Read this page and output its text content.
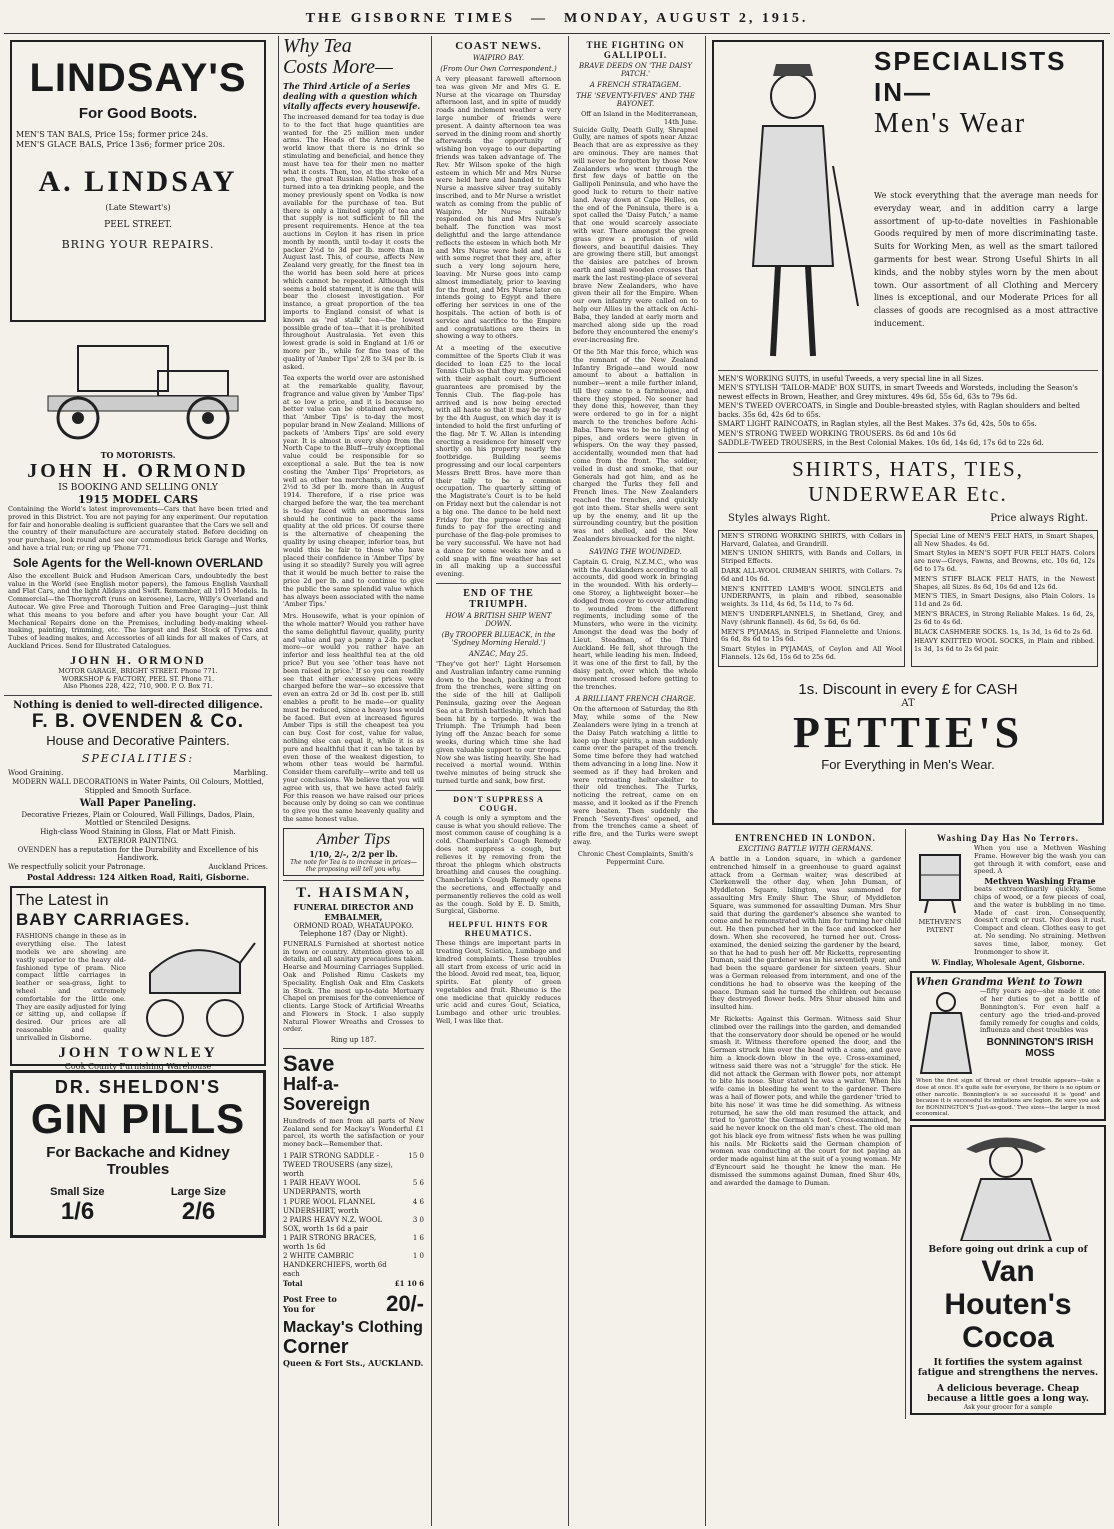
THE GISBORNE TIMES — MONDAY, AUGUST 2, 1915.
LINDSAY'S
For Good Boots.
MEN'S TAN BALS, Price 15s; former price 24s.
MEN'S GLACE BALS, Price 13s6; former price 20s.
A. LINDSAY
(Late Stewart's)
PEEL STREET.
BRING YOUR REPAIRS.
TO MOTORISTS.
JOHN H. ORMOND
IS BOOKING AND SELLING ONLY
1915 MODEL CARS
Containing the World's latest improvements—Cars that have been tried and proved in this District. You are not paying for any experiment. Our reputation for fair and honorable dealing is sufficient guarantee that the Cars we sell and the country of their manufacture are accurately stated. Before deciding on your purchase, look round and see our commodious brick Garage and Works, and have a trial run; or ring up 'Phone 771.
Sole Agents for the Well-known OVERLAND
Also the excellent Buick and Hudson American Cars, undoubtedly the best value in the World (see English motor papers), the famous English Vauxhall and Flat Cars, and the light Alldays and Swift. Remember, all 1915 Models. In Commercial—the Thornycroft (runs on kerosene), Lacre, Willy's Overland and Autocar. We give Free and Thorough Tuition and Free Garaging—just think what this means to you before and after you have bought your Car. All Mechanical Repairs done on the Premises, including body-making wheel-making, painting, trimming, etc. The largest and Best Stock of Tyres and Tubes of leading makes, and Accessories of all kinds for all makes of Cars, at Auckland Prices. Send for Illustrated Catalogues.
JOHN H. ORMOND
MOTOR GARAGE, BRIGHT STREET. Phone 771.
WORKSHOP & FACTORY, PEEL ST. Phone 71.
Also Phones 228, 422, 710, 900. P. O. Box 71.
Nothing is denied to well-directed diligence.
F. B. OVENDEN & Co.
House and Decorative Painters.
SPECIALITIES:
Wood Graining.	Marbling.
MODERN WALL DECORATIONS in Water Paints, Oil Colours, Mottled, Stippled and Smooth Surface.
Wall Paper Paneling.
Decorative Friezes, Plain or Coloured, Wall Fillings, Dados, Plain, Mottled or Stenciled Designs.
High-class Wood Staining in Gloss, Flat or Matt Finish.
EXTERIOR PAINTING.
OVENDEN has a reputation for the Durability and Excellence of his Handiwork.
We respectfully solicit your Patronage.	Auckland Prices.
Postal Address: 124 Aitken Road, Raiti, Gisborne.
The Latest in
BABY CARRIAGES.
FASHIONS change in these as in everything else. The latest models we are showing are vastly superior to the heavy old-fashioned type of pram. Nice compact little carriages in leather or sea-grass, light to wheel and extremely comfortable for the little one. They are easily adjusted for lying or sitting up, and collapse if desired. Our prices are all reasonable and quality unrivalled in Gisborne.
JOHN TOWNLEY
Cook County Furnishing Warehouse
DR. SHELDON'S
GIN PILLS
For Backache and Kidney Troubles
Small Size	Large Size
1/6	2/6
Why Tea
Costs More—
The Third Article of a Series dealing with a question which vitally affects every housewife.
The increased demand for tea today is due to to the fact that huge quantities are wanted for the 25 million men under arms. The Heads of the Armies of the world know that there is no drink so stimulating and beneficial, and hence they must have tea for their men no matter what it costs. Then, too, at the stroke of a pen, the great Russian Nation has been turned into a tea drinking people, and the money previously spent on Vodka is now available for the purchase of tea. But there is only a limited supply of tea and that supply is not sufficient to fill the present requirements. Hence at the tea auctions in Ceylon it has risen in price month by month, until to-day it costs the packer 2½d to 3d per lb. more than in August last. This, of course, affects New Zealand very greatly, for the finest tea in the world has been sold here at prices which cannot be repeated. Although this seems a bold statement, it is one that will bear the closest investigation. For instance, a great proportion of the tea imports to England consist of what is known as 'red stalk' tea—the lowest possible grade of tea—that it is prohibited throughout Australasia. Yet even this lowest grade is sold in England at 1/6 or more per lb., while for fine teas of the quality of 'Amber Tips' 2/8 to 3/4 per lb. is asked.
Tea experts the world over are astonished at the remarkable quality, flavour, fragrance and value given by 'Amber Tips' at so low a price, and it is because no better value can be obtained anywhere, that 'Amber Tips' is to-day the most popular brand in New Zealand. Millions of packets of 'Ambers Tips' are sold every year. It is almost in every shop from the North Cape to the Bluff—truly exceptional value could be responsible for so exceptional a sale. But the tea is now costing the 'Amber Tips' Proprietors, as well as other tea merchants, an extra of 2½d to 3d per lb. more than in August 1914. Therefore, if a rise price was charged before the war, the tea merchant is to-day faced with an enormous loss should he continue to pack the same quality at the old prices. Of course there is the alternative of cheapening the quality by using cheaper, inferior teas, but would this be fair to those who have placed their confidence in 'Amber Tips' by using it so steadily? Surely you will agree that it would be much better to raise the price 2d per lb. and to continue to give the public the same splendid value which has always been associated with the name 'Amber Tips.'
Mrs. Housewife, what is your opinion of the whole matter? Would you rather have the same delightful flavour, quality, purity and value and pay a penny a 2-lb. packet more—or would you rather have an inferior and less healthful tea at the old price? But you see 'other teas have not been raised in price.' If so you can readily see that either excessive prices were charged before the war—so excessive that even an extra 2d or 3d lb. cost per lb. still enables a profit to be made—or quality must be reduced, since a heavy loss would be faced. But even at increased figures Amber Tips is still the cheapest tea you can buy. Cost for cost, value for value, nothing else can equal it, while it is as pure and healthful that it can be taken by even those of the weakest digestion, to whom other teas would be harmful. Consider them carefully—write and tell us your conclusions. We believe that you will agree with us, that we have acted fairly. For this reason we have raised our prices because only by doing so can we continue to give you the same heavenly quality and the same honest value.
Amber Tips
1/10, 2/-, 2/2 per lb.
The note for Tea is to increase in prices—the proposing will tell you why.
T. HAISMAN,
FUNERAL DIRECTOR AND
EMBALMER,
ORMOND ROAD, WHATAUPOKO.
Telephone 187 (Day or Night).
FUNERALS Furnished at shortest notice in town or country. Attention given to all details, and all sanitary precautions taken. Hearse and Mourning Carriages Supplied. Oak and Polished Rimu Caskets my Speciality. English Oak and Elm Caskets in Stock. The most up-to-date Mortuary Chapel on premises for the convenience of clients. Large Stock of Artificial Wreaths and Flowers in Stock. I also supply Natural Flower Wreaths and Crosses to order.
Ring up 187.
Save
Half-a-Sovereign
Hundreds of men from all parts of New Zealand send for Mackay's Wonderful £1 parcel, its worth the satisfaction or your money back—Remember that.
1 PAIR STRONG SADDLE - TWEED TROUSERS (any size), worth
15 0
1 PAIR HEAVY WOOL UNDERPANTS, worth
5 6
1 PURE WOOL FLANNEL UNDERSHIRT, worth
4 6
2 PAIRS HEAVY N.Z. WOOL SOX, worth 1s 6d a pair
3 0
1 PAIR STRONG BRACES, worth 1s 6d
1 6
2 WHITE CAMBRIC HANDKERCHIEFS, worth 6d each
1 0
Total	£1 10 6
Post Free to You for	20/-
Mackay's Clothing
Corner
Queen & Fort Sts., AUCKLAND.
COAST NEWS.
WAIPIRO BAY.
(From Our Own Correspondent.)
A very pleasant farewell afternoon tea was given Mr and Mrs G. E. Nurse at the vicarage on Thursday afternoon last, and in spite of muddy roads and inclement weather a very large number of friends were present. A dainty afternoon tea was served in the dining room and shortly afterwards the opportunity of wishing bon voyage to our departing friends was taken advantage of. The Rev. Mr Wilson spoke of the high esteem in which Mr and Mrs Nurse were held here and handed to Mrs Nurse a massive silver tray suitably inscribed, and to Mr Nurse a wristlet watch as coming from the public of Waipiro. Mr Nurse suitably responded on his and Mrs Nurse's behalf. The function was most delightful and the large attendance reflects the esteem in which both Mr and Mrs Nurse were held and it is with some regret that they are, after such a very long sojourn here, leaving. Mr Nurse goes into camp almost immediately, prior to leaving for the front, and Mrs Nurse later on intends going to Egypt and there offering her services in one of the hospitals. The action of both is of service and sacrifice to the Empire and congratulations are theirs in showing a way to others.
At a meeting of the executive committee of the Sports Club it was decided to loan £25 to the local Tennis Club so that they may proceed with their asphalt court. Sufficient guarantees are promised by the Tennis Club. The flag-pole has arrived and is now being erected with all haste so that it may be ready by the 4th August, on which day it is intended to hold the first unfurling of the flag. Mr T. W. Allan is intending erecting a residence for himself very shortly on his property nearly the footbridge. Building seems progressing and our local carpenters Messrs Brett Bros. have more than their tally to be a common occupation. The quarterly sitting of the Magistrate's Court is to be held on Friday next but the calendar is not a big one. The dance to be held next Friday for the purpose of raising funds to pay for the erecting and purchase of the flag-pole promises to be very successful. We have not had a dance for some weeks now and a cold snap with fine weather has set in all making up a successful evening.
END OF THE TRIUMPH.
HOW A BRITISH SHIP WENT DOWN.
(By TROOPER BLUEACK, in the 'Sydney Morning Herald.')
ANZAC, May 25.
'They've got her!' Light Horsemen and Australian infantry came running down to the beach, packing a front from the trenches, were sitting on the side of the hill at Gallipoli Peninsula, gazing over the Aegean Sea at a British battleship, which had been hit by a torpedo. It was the Triumph. The Triumph had been lying off the Anzac beach for some weeks, during which time she had given valuable support to our troops. Now she was listing heavily. She had received a mortal wound. Within twelve minutes of being struck she turned turtle and sank, bow first.
DON'T SUPPRESS A COUGH.
A cough is only a symptom and the cause is what you should relieve. The most common cause of coughing is a cold. Chamberlain's Cough Remedy does not suppress a cough, but relieves it by removing from the throat the phlegm which obstructs breathing and causes the coughing. Chamberlain's Cough Remedy opens the secretions, and effectually and permanently relieves the cold as well as the cough. Sold by E. D. Smith, Surgical, Gisborne.
HELPFUL HINTS FOR RHEUMATICS.
These things are important parts in treating Gout, Sciatica, Lumbago and kindred complaints. These troubles all start from excess of uric acid in the blood. Avoid red meat, tea, liquor, spirits. Eat plenty of green vegetables and fruit. Rheumo is the one medicine that quickly reduces uric acid and cures Gout, Sciatica, Lumbago and other uric troubles. Well, I was like that.
THE FIGHTING ON GALLIPOLI.
BRAVE DEEDS ON 'THE DAISY PATCH.'
A FRENCH STRATAGEM.
THE 'SEVENTY-FIVES' AND THE BAYONET.
Off an Island in the Mediterranean, 14th June.
Suicide Gully, Death Gully, Shrapnel Gully, are names of spots near Anzac Beach that are as expressive as they are ominous. They are names that will never be forgotten by those New Zealanders who went through the first few days of battle on the Gallipoli Peninsula, and who have the good luck to return to their native land. Away down at Cape Helles, on the end of the Peninsula, there is a spot called the 'Daisy Patch,' a name that one would scarcely associate with war. There amongst the green grass grew a profusion of wild flowers, and beautiful daisies. They are growing there still, but amongst the daisies are patches of brown earth and small wooden crosses that mark the last resting-place of several brave New Zealanders, who have given their all for the Empire. When our own infantry were called on to help our Allies in the attack on Achi-Baba, they landed at early morn and marched along side up the road before they encountered the enemy's ever-increasing fire.
Of the 5th Mar this force, which was the remnant of the New Zealand Infantry Brigade—and would now amount to about a battalion in number—went a mile further inland, till they came to a farmhouse, and there they stopped. No sooner had they done this, however, than they were ordered to go in for a night march to the trenches before Achi-Baba. There was to be no lighting of pipes, and orders were given in whispers. On the way they passed, accidentally, wounded men that had come from the front. The soldier, veiled in dust and smoke, that our Generals had got him, and as he charged the Turks they fell and French lines. The New Zealanders reached the trenches, and quickly got into them. Star shells were sent up by the enemy, and lit up the surrounding country, but the position was not shelled, and the New Zealanders bivouacked for the night.
SAVING THE WOUNDED.
Captain G. Craig, N.Z.M.C., who was with the Aucklanders according to all accounts, did good work in bringing in the wounded. With his orderly—one Storey, a lightweight boxer—he dodged from cover to cover attending to wounded from the different regiments, including some of the Munsters, who were in the vicinity. Amongst the dead was the body of Lieut. Steadman, of the Third Auckland. He fell, shot through the heart, while leading his men. Indeed, it was one of the first to fall, by the daisy patch, over which the whole movement crossed before getting to the trenches.
A BRILLIANT FRENCH CHARGE.
On the afternoon of Saturday, the 8th May, while some of the New Zealanders were lying in a trench at the Daisy Patch watching a little to keep up their spirits, a man suddenly came over the parapet of the trench. Some time before they had watched them advancing in a long line. Now it seemed as if they had broken and were retreating helter-skelter to their old trenches. The Turks, noticing the retreat, came on en masse, and it looked as if the French were beaten. Then suddenly the French 'Seventy-fives' opened, and from the trenches came a sheet of rifle fire, and the Turks were swept away.
Chronic Chest Complaints, Smith's Peppermint Cure.
SPECIALISTS
IN—
Men's Wear
We stock everything that the average man needs for everyday wear, and in addition carry a large assortment of up-to-date novelties in Fashionable Goods required by men of more discriminating taste. Suits for Working Men, as well as the smart tailored garments for best wear. Strong Useful Shirts in all kinds, and the nobby styles worn by the men about town. Our assortment of all Clothing and Mercery lines is exceptional, and our Moderate Prices for all classes of goods are recognised as a most attractive inducement.
MEN'S WORKING SUITS, in useful Tweeds, a very special line in all Sizes.
MEN'S STYLISH 'TAILOR-MADE' BOX SUITS, in smart Tweeds and Worsteds, including the Season's newest effects in Brown, Heather, and Grey mixtures. 49s 6d, 55s 6d, 63s to 79s 6d.
MEN'S TWEED OVERCOATS, in Single and Double-breasted styles, with Raglan shoulders and belted backs. 35s 6d, 42s 6d to 65s.
SMART LIGHT RAINCOATS, in Raglan styles, all the Best Makes. 37s 6d, 42s, 50s to 65s.
MEN'S STRONG TWEED WORKING TROUSERS. 8s 6d and 10s 6d
SADDLE-TWEED TROUSERS, in the Best Colonial Makes. 10s 6d, 14s 6d, 17s 6d to 22s 6d.
SHIRTS, HATS, TIES, UNDERWEAR Etc.
Styles always Right.	Price always Right.
MEN'S STRONG WORKING SHIRTS, with Collars in Harvard, Galatea, and Grandrill.
MEN'S UNION SHIRTS, with Bands and Collars, in Striped Effects.
DARK ALL-WOOL CRIMEAN SHIRTS, with Collars. 7s 6d and 10s 6d.
MEN'S KNITTED LAMB'S WOOL SINGLETS and UNDERPANTS, in plain and ribbed, seasonable weights. 3s 11d, 4s 6d, 5s 11d, to 7s 6d.
MEN'S UNDERFLANNELS, in Shetland, Grey, and Navy (shrunk flannel). 4s 6d, 5s 6d, 6s 6d.
MEN'S PYJAMAS, in Striped Flannelette and Unions. 6s 6d, 8s 6d to 15s 6d.
Smart Styles in PYJAMAS, of Ceylon and All Wool Flannels. 12s 6d, 15s 6d to 25s 6d.
Special Line of MEN'S FELT HATS, in Smart Shapes, all New Shades. 4s 6d.
Smart Styles in MEN'S SOFT FUR FELT HATS. Colors are new—Greys, Fawns, and Browns, etc. 10s 6d, 12s 6d to 17s 6d.
MEN'S STIFF BLACK FELT HATS, in the Newest Shapes, all Sizes. 8s 6d, 10s 6d and 12s 6d.
MEN'S TIES, in Smart Designs, also Plain Colors. 1s 11d and 2s 6d.
MEN'S BRACES, in Strong Reliable Makes. 1s 6d, 2s, 2s 6d to 4s 6d.
BLACK CASHMERE SOCKS. 1s, 1s 3d, 1s 6d to 2s 6d.
HEAVY KNITTED WOOL SOCKS, in Plain and ribbed. 1s 3d, 1s 6d to 2s 6d pair.
1s. Discount in every £ for CASH
AT
PETTIE'S
For Everything in Men's Wear.
ENTRENCHED IN LONDON.
EXCITING BATTLE WITH GERMANS.
A battle in a London square, in which a gardener entrenched himself in a greenhouse to guard against attack from a German waiter, was described at Clerkenwell the other day, when John Duman, of Myddleton Square, Islington, was summoned for assaulting Mrs Emily Shur. The Shur, of Myddleton Square, was summoned for assaulting Duman. Mrs Shur said that during the gardener's absence she wanted to come and he remonstrated with him for turning her child out. He then punched her in the face and knocked her down. When she recovered, he turned her out. Cross-examined, the denied seizing the gardener by the beard, so that he had to push her off. Mr Ricketts, representing Duman, said the gardener was in his seventieth year, and had been the square gardener for sixteen years. Shur was a German released from internment, and one of the conditions he had to observe was the keeping of the peace. Duman said he turned the children out because they destroyed flower beds. Mrs Shur abused him and insulted him.
Mr Ricketts: Against this German. Witness said Shur climbed over the railings into the garden, and demanded that the conservatory door should be opened or he would smash it. Witness therefore opened the door, and the German struck him over the head with a cane, and gave him a knock-down blow in the eye. Cross-examined, witness said there was not a 'struggle' for the stick. He did not attack the German with flower pots, nor attempt to bite his nose. Shur stated he was a waiter. When his wife came in bleeding he went to the gardener. There was a hail of flower pots, and while the gardener 'tried to bite his nose' it was time he did something. As witness returned, he saw the old man resumed the attack, and tried to 'garotte' the German's foot. Cross-examined, he said he never knock on the old man's chest. The old man got his black eye from witness' fists when he was pulling his nails. Mr Ricketts said the German champion of women was conducting at the court for not paying an order made against him at the suit of a young woman. Mr d'Eyncourt said he thought he knew the man. He dismissed the summons against Duman, fined Shur 40s, and awarded the damage to Duman.
Washing Day Has No Terrors.
METHVEN'S PATENT
When you use a Methven Washing Frame. However big the wash you can get through it with comfort, ease and speed. A
Methven Washing Frame
beats extraordinarily quickly. Some chips of wood, or a few pieces of coal, and the water is bubbling in no time. Made of cast iron. Consequently, doesn't crack or rust. Nor does it rust. Compact and clean. Clothes easy to get at. No sending. No straining. Methven saves time, labor, money. Get Ironmonger to show it.
W. Findlay, Wholesale Agent, Gisborne.
When Grandma Went to Town
—fifty years ago—she made it one of her duties to get a bottle of Bonnington's. For even half a century ago the tried-and-proved family remedy for coughs and colds, influenza and chest troubles was
BONNINGTON'S IRISH MOSS
When the first sign of threat or chest trouble appears—take a dose at once. It's quite safe for everyone, for there is no opium or other narcotic. Bonnington's is so successful it is 'good' and because it is successful its imitations are legion. Be sure you ask for BONNINGTON'S 'Just-as-good.' Two sizes—the larger is most economical.
Before going out drink a cup of
Van Houten's
Cocoa
It fortifies the system against fatigue and strengthens the nerves.
A delicious beverage. Cheap because a little goes a long way.
Ask your grocer for a sample
